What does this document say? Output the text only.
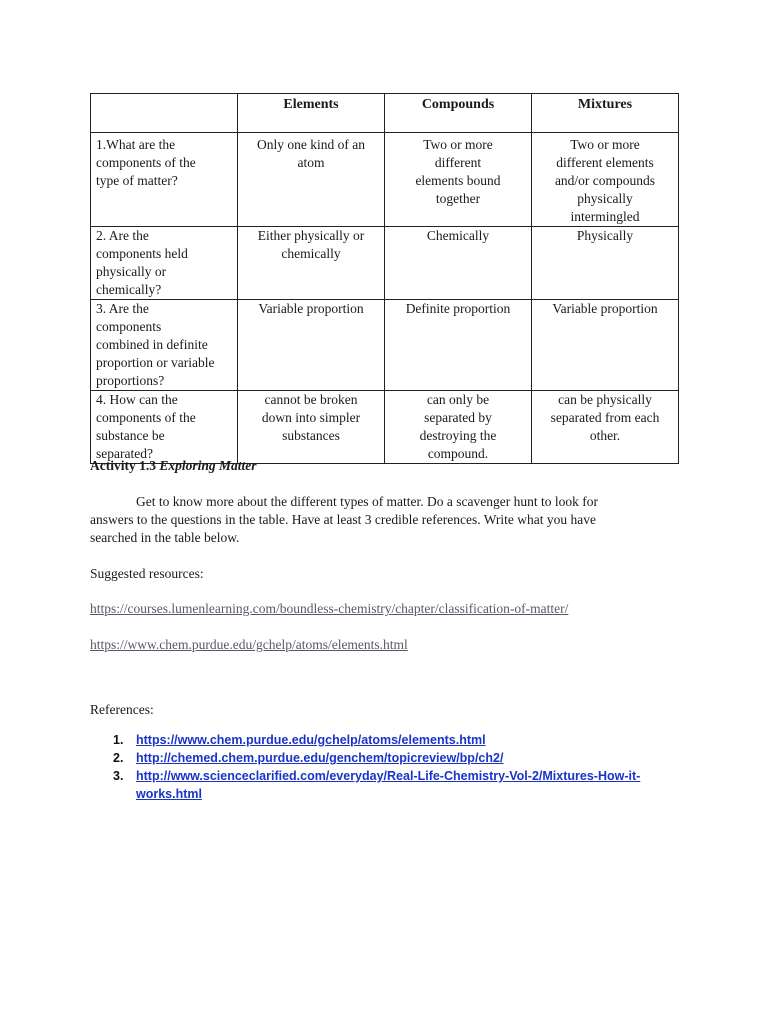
	Elements	Compounds	Mixtures

1.What are the
components of the
type of matter?	Only one kind of an
atom	Two or more
different
elements bound
together	Two or more
different elements
and/or compounds
physically
intermingled

2. Are the
components held
physically or
chemically?	Either physically or
chemically	Chemically	Physically

3. Are the
components
combined in definite
proportion or variable
proportions?	Variable proportion	Definite proportion	Variable proportion

4. How can the
components of the
substance be
separated?	cannot be broken
down into simpler
substances	can only be
separated by
destroying the
compound.	can be physically
separated from each
other.
Activity 1.3 Exploring Matter
Get to know more about the different types of matter. Do a scavenger hunt to look for
answers to the questions in the table. Have at least 3 credible references. Write what you have
searched in the table below.
Suggested resources:
https://courses.lumenlearning.com/boundless-chemistry/chapter/classification-of-matter/
https://www.chem.purdue.edu/gchelp/atoms/elements.html
References:
1. https://www.chem.purdue.edu/gchelp/atoms/elements.html
2. http://chemed.chem.purdue.edu/genchem/topicreview/bp/ch2/
3. http://www.scienceclarified.com/everyday/Real-Life-Chemistry-Vol-2/Mixtures-How-it-
works.html
